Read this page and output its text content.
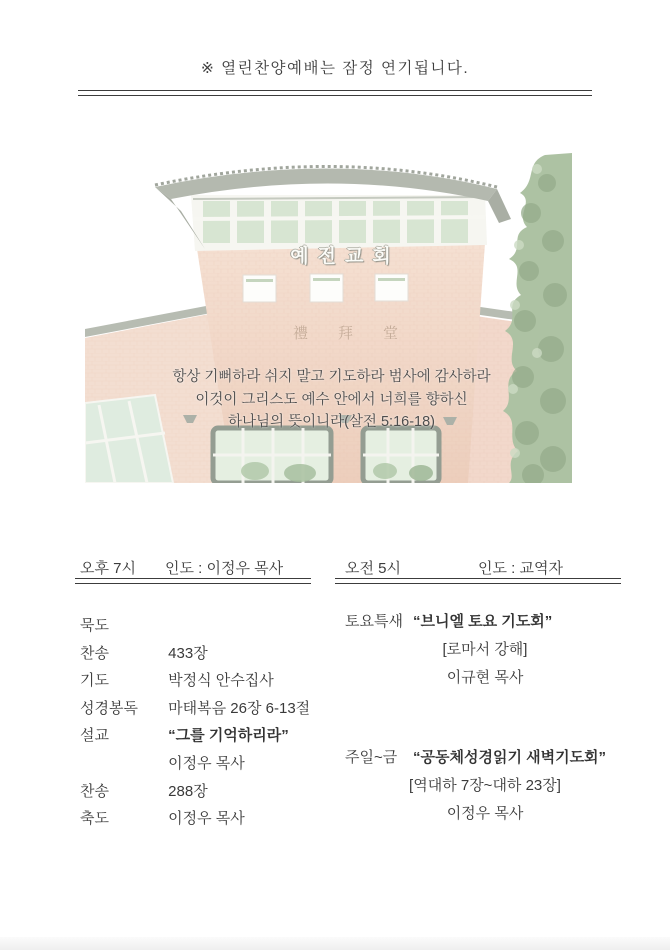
※ 열린찬양예배는 잠정 연기됩니다.
예전교회
禮拜堂
항상 기뻐하라 쉬지 말고 기도하라 범사에 감사하라
이것이 그리스도 예수 안에서 너희를 향하신
하나님의 뜻이니라(살전 5:16-18)
오후 7시 인도 : 이정우 목사	오전 5시	인도 : 교역자
묵도
찬송	433장
기도	박정식 안수집사
성경봉독 마태복음 26장 6-13절
설교	“그를 기억하리라”
이정우 목사
찬송	288장
축도	이정우 목사
토요특새 “브니엘 토요 기도회”
[로마서 강해]
이규현 목사
주일~금	“공동체성경읽기 새벽기도회”
[역대하 7장~대하 23장]
이정우 목사
